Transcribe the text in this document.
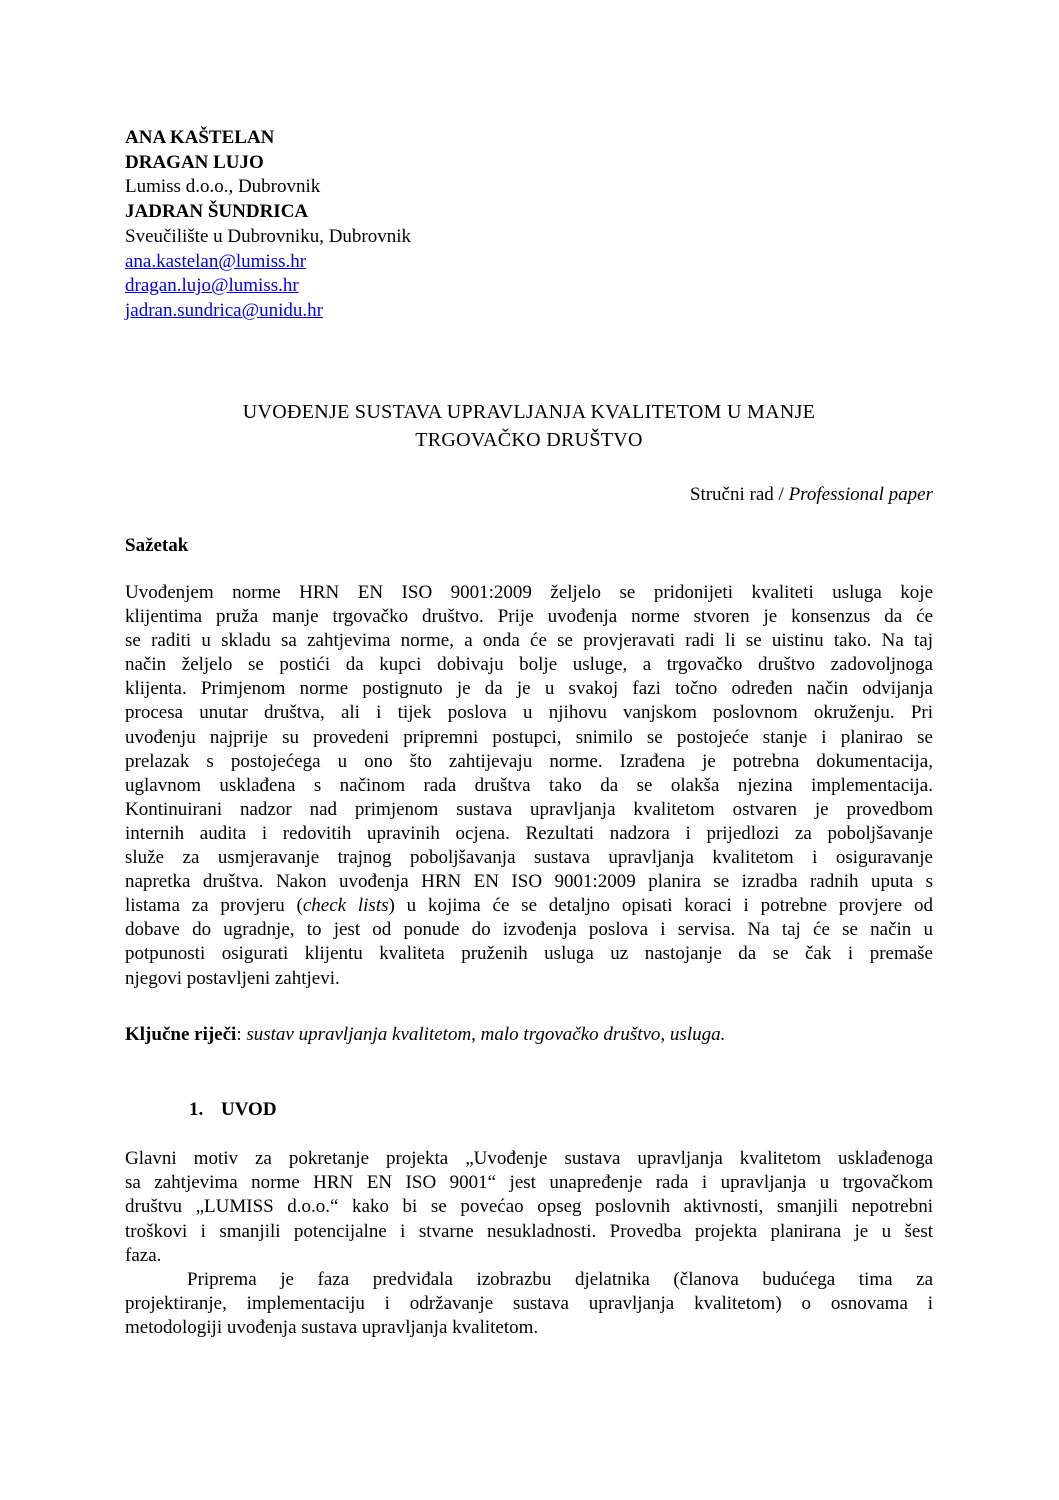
ANA KAŠTELAN
DRAGAN LUJO
Lumiss d.o.o., Dubrovnik
JADRAN ŠUNDRICA
Sveučilište u Dubrovniku, Dubrovnik
ana.kastelan@lumiss.hr
dragan.lujo@lumiss.hr
jadran.sundrica@unidu.hr
UVOĐENJE SUSTAVA UPRAVLJANJA KVALITETOM U MANJE
TRGOVAČKO DRUŠTVO
Stručni rad / Professional paper
Sažetak
Uvođenjem norme HRN EN ISO 9001:2009 željelo se pridonijeti kvaliteti usluga koje
klijentima pruža manje trgovačko društvo. Prije uvođenja norme stvoren je konsenzus da će
se raditi u skladu sa zahtjevima norme, a onda će se provjeravati radi li se uistinu tako. Na taj
način željelo se postići da kupci dobivaju bolje usluge, a trgovačko društvo zadovoljnoga
klijenta. Primjenom norme postignuto je da je u svakoj fazi točno određen način odvijanja
procesa unutar društva, ali i tijek poslova u njihovu vanjskom poslovnom okruženju. Pri
uvođenju najprije su provedeni pripremni postupci, snimilo se postojeće stanje i planirao se
prelazak s postojećega u ono što zahtijevaju norme. Izrađena je potrebna dokumentacija,
uglavnom usklađena s načinom rada društva tako da se olakša njezina implementacija.
Kontinuirani nadzor nad primjenom sustava upravljanja kvalitetom ostvaren je provedbom
internih audita i redovitih upravinih ocjena. Rezultati nadzora i prijedlozi za poboljšavanje
služe za usmjeravanje trajnog poboljšavanja sustava upravljanja kvalitetom i osiguravanje
napretka društva. Nakon uvođenja HRN EN ISO 9001:2009 planira se izradba radnih uputa s
listama za provjeru (check lists) u kojima će se detaljno opisati koraci i potrebne provjere od
dobave do ugradnje, to jest od ponude do izvođenja poslova i servisa. Na taj će se način u
potpunosti osigurati klijentu kvaliteta pruženih usluga uz nastojanje da se čak i premaše
njegovi postavljeni zahtjevi.
Ključne riječi: sustav upravljanja kvalitetom, malo trgovačko društvo, usluga.
1. UVOD
Glavni motiv za pokretanje projekta „Uvođenje sustava upravljanja kvalitetom usklađenoga
sa zahtjevima norme HRN EN ISO 9001“ jest unapređenje rada i upravljanja u trgovačkom
društvu „LUMISS d.o.o.“ kako bi se povećao opseg poslovnih aktivnosti, smanjili nepotrebni
troškovi i smanjili potencijalne i stvarne nesukladnosti. Provedba projekta planirana je u šest
faza.
Priprema je faza predviđala izobrazbu djelatnika (članova budućega tima za
projektiranje, implementaciju i održavanje sustava upravljanja kvalitetom) o osnovama i
metodologiji uvođenja sustava upravljanja kvalitetom.
